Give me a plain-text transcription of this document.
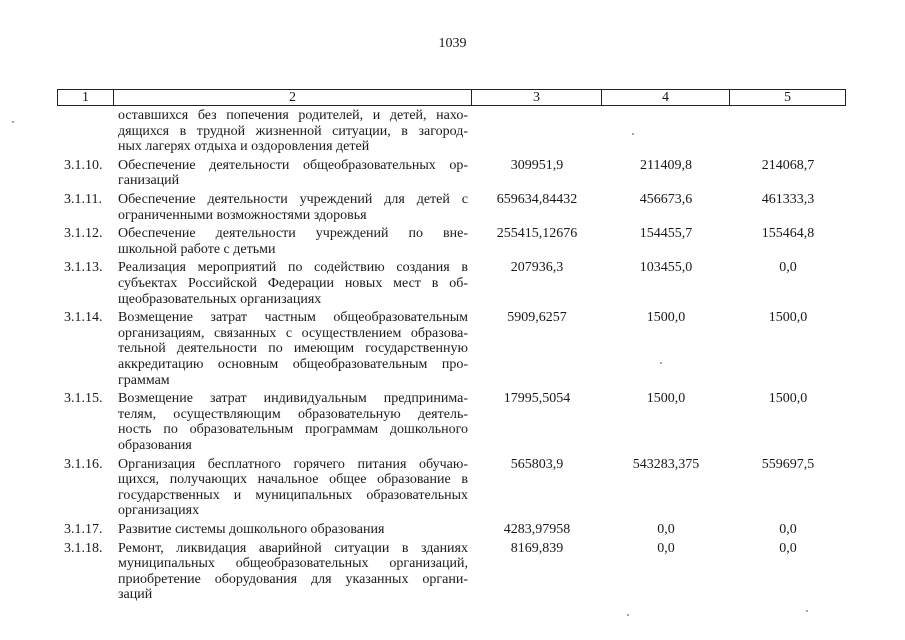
1039
1	2	3	4	5
оставшихся без попечения родителей, и детей, нахо-
дящихся в трудной жизненной ситуации, в загород-
ных лагерях отдыха и оздоровления детей
3.1.10.	Обеспечение деятельности общеобразовательных ор-
ганизаций
309951,9	211409,8	214068,7
3.1.11.	Обеспечение деятельности учреждений для детей с
ограниченными возможностями здоровья
659634,84432	456673,6	461333,3
3.1.12.	Обеспечение деятельности учреждений по вне-
школьной работе с детьми
255415,12676	154455,7	155464,8
3.1.13.	Реализация мероприятий по содействию создания в
субъектах Российской Федерации новых мест в об-
щеобразовательных организациях
207936,3	103455,0	0,0
3.1.14.	Возмещение затрат частным общеобразовательным
организациям, связанных с осуществлением образова-
тельной деятельности по имеющим государственную
аккредитацию основным общеобразовательным про-
граммам
5909,6257	1500,0	1500,0
3.1.15.	Возмещение затрат индивидуальным предпринима-
телям, осуществляющим образовательную деятель-
ность по образовательным программам дошкольного
образования
17995,5054	1500,0	1500,0
3.1.16.	Организация бесплатного горячего питания обучаю-
щихся, получающих начальное общее образование в
государственных и муниципальных образовательных
организациях
565803,9	543283,375	559697,5
3.1.17.	Развитие системы дошкольного образования	4283,97958	0,0	0,0
3.1.18.	Ремонт, ликвидация аварийной ситуации в зданиях
муниципальных общеобразовательных организаций,
приобретение оборудования для указанных органи-
заций
8169,839	0,0	0,0
